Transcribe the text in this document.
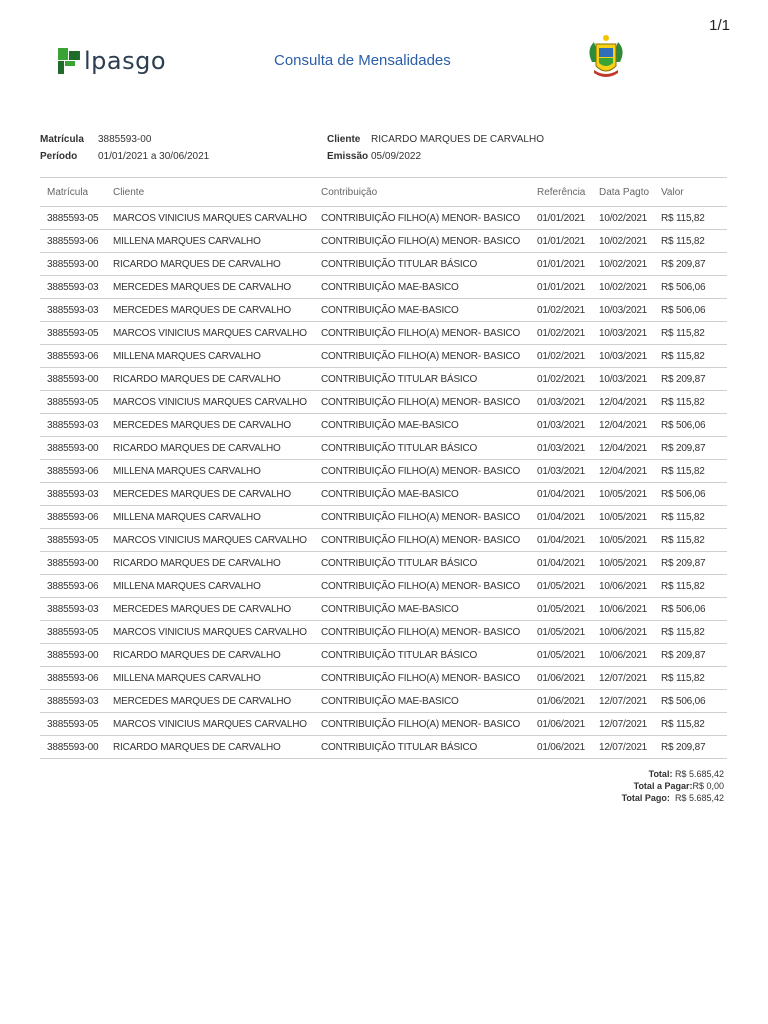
1/1
lpasgo	Consulta de Mensalidades
Matrícula 3885593-00
Período 01/01/2021 a 30/06/2021
Cliente RICARDO MARQUES DE CARVALHO
Emissão 05/09/2022
Matrícula	Cliente	Contribuição	Referência	Data Pagto	Valor
3885593-05	MARCOS VINICIUS MARQUES CARVALHO	CONTRIBUIÇÃO FILHO(A) MENOR- BASICO	01/01/2021	10/02/2021	R$ 115,82
3885593-06	MILLENA MARQUES CARVALHO	CONTRIBUIÇÃO FILHO(A) MENOR- BASICO	01/01/2021	10/02/2021	R$ 115,82
3885593-00	RICARDO MARQUES DE CARVALHO	CONTRIBUIÇÃO TITULAR BÁSICO	01/01/2021	10/02/2021	R$ 209,87
3885593-03	MERCEDES MARQUES DE CARVALHO	CONTRIBUIÇÃO MAE-BASICO	01/01/2021	10/02/2021	R$ 506,06
3885593-03	MERCEDES MARQUES DE CARVALHO	CONTRIBUIÇÃO MAE-BASICO	01/02/2021	10/03/2021	R$ 506,06
3885593-05	MARCOS VINICIUS MARQUES CARVALHO	CONTRIBUIÇÃO FILHO(A) MENOR- BASICO	01/02/2021	10/03/2021	R$ 115,82
3885593-06	MILLENA MARQUES CARVALHO	CONTRIBUIÇÃO FILHO(A) MENOR- BASICO	01/02/2021	10/03/2021	R$ 115,82
3885593-00	RICARDO MARQUES DE CARVALHO	CONTRIBUIÇÃO TITULAR BÁSICO	01/02/2021	10/03/2021	R$ 209,87
3885593-05	MARCOS VINICIUS MARQUES CARVALHO	CONTRIBUIÇÃO FILHO(A) MENOR- BASICO	01/03/2021	12/04/2021	R$ 115,82
3885593-03	MERCEDES MARQUES DE CARVALHO	CONTRIBUIÇÃO MAE-BASICO	01/03/2021	12/04/2021	R$ 506,06
3885593-00	RICARDO MARQUES DE CARVALHO	CONTRIBUIÇÃO TITULAR BÁSICO	01/03/2021	12/04/2021	R$ 209,87
3885593-06	MILLENA MARQUES CARVALHO	CONTRIBUIÇÃO FILHO(A) MENOR- BASICO	01/03/2021	12/04/2021	R$ 115,82
3885593-03	MERCEDES MARQUES DE CARVALHO	CONTRIBUIÇÃO MAE-BASICO	01/04/2021	10/05/2021	R$ 506,06
3885593-06	MILLENA MARQUES CARVALHO	CONTRIBUIÇÃO FILHO(A) MENOR- BASICO	01/04/2021	10/05/2021	R$ 115,82
3885593-05	MARCOS VINICIUS MARQUES CARVALHO	CONTRIBUIÇÃO FILHO(A) MENOR- BASICO	01/04/2021	10/05/2021	R$ 115,82
3885593-00	RICARDO MARQUES DE CARVALHO	CONTRIBUIÇÃO TITULAR BÁSICO	01/04/2021	10/05/2021	R$ 209,87
3885593-06	MILLENA MARQUES CARVALHO	CONTRIBUIÇÃO FILHO(A) MENOR- BASICO	01/05/2021	10/06/2021	R$ 115,82
3885593-03	MERCEDES MARQUES DE CARVALHO	CONTRIBUIÇÃO MAE-BASICO	01/05/2021	10/06/2021	R$ 506,06
3885593-05	MARCOS VINICIUS MARQUES CARVALHO	CONTRIBUIÇÃO FILHO(A) MENOR- BASICO	01/05/2021	10/06/2021	R$ 115,82
3885593-00	RICARDO MARQUES DE CARVALHO	CONTRIBUIÇÃO TITULAR BÁSICO	01/05/2021	10/06/2021	R$ 209,87
3885593-06	MILLENA MARQUES CARVALHO	CONTRIBUIÇÃO FILHO(A) MENOR- BASICO	01/06/2021	12/07/2021	R$ 115,82
3885593-03	MERCEDES MARQUES DE CARVALHO	CONTRIBUIÇÃO MAE-BASICO	01/06/2021	12/07/2021	R$ 506,06
3885593-05	MARCOS VINICIUS MARQUES CARVALHO	CONTRIBUIÇÃO FILHO(A) MENOR- BASICO	01/06/2021	12/07/2021	R$ 115,82
3885593-00	RICARDO MARQUES DE CARVALHO	CONTRIBUIÇÃO TITULAR BÁSICO	01/06/2021	12/07/2021	R$ 209,87
Total: R$ 5.685,42
Total a Pagar:R$ 0,00
Total Pago: R$ 5.685,42
